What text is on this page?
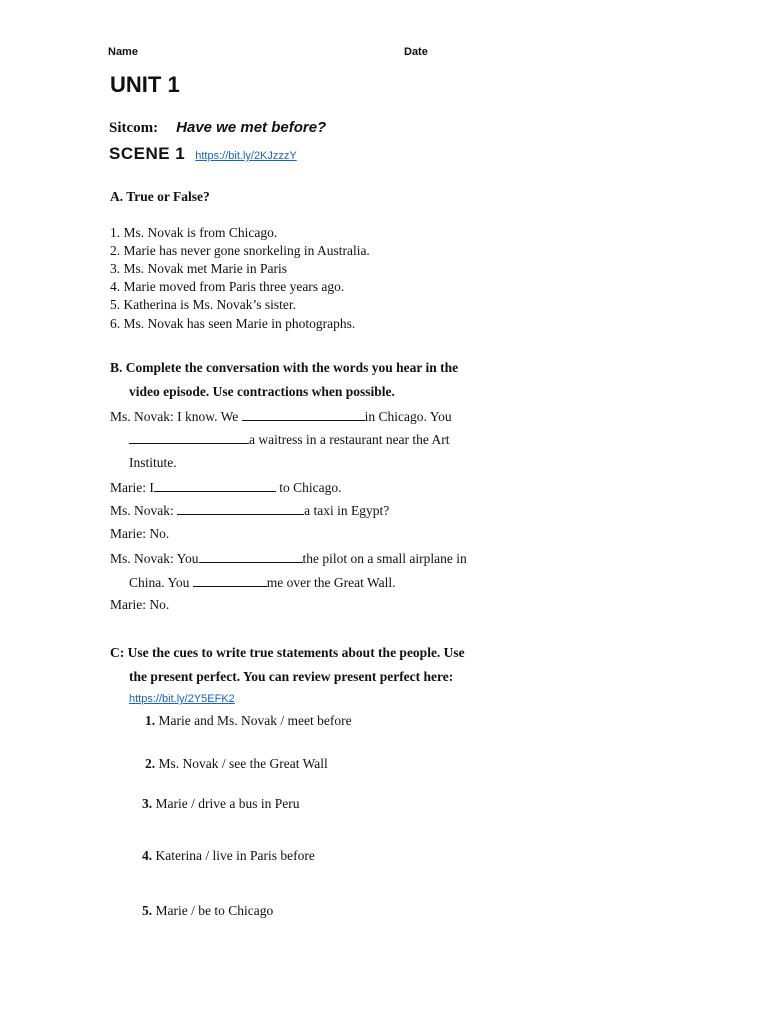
Name	Date
UNIT 1
Sitcom: Have we met before?
SCENE 1 https://bit.ly/2KJzzzY
A. True or False?
1. Ms. Novak is from Chicago.
2. Marie has never gone snorkeling in Australia.
3. Ms. Novak met Marie in Paris
4. Marie moved from Paris three years ago.
5. Katherina is Ms. Novak’s sister.
6. Ms. Novak has seen Marie in photographs.
B. Complete the conversation with the words you hear in the
video episode. Use contractions when possible.
Ms. Novak: I know. We	in Chicago. You
a waitress in a restaurant near the Art
Institute.
Marie: I	to Chicago.
Ms. Novak:	a taxi in Egypt?
Marie: No.
Ms. Novak: You	the pilot on a small airplane in
China. You	me over the Great Wall.
Marie: No.
C: Use the cues to write true statements about the people. Use
the present perfect. You can review present perfect here:
https://bit.ly/2Y5EFK2
1. Marie and Ms. Novak / meet before
2. Ms. Novak / see the Great Wall
3. Marie / drive a bus in Peru
4. Katerina / live in Paris before
5. Marie / be to Chicago
